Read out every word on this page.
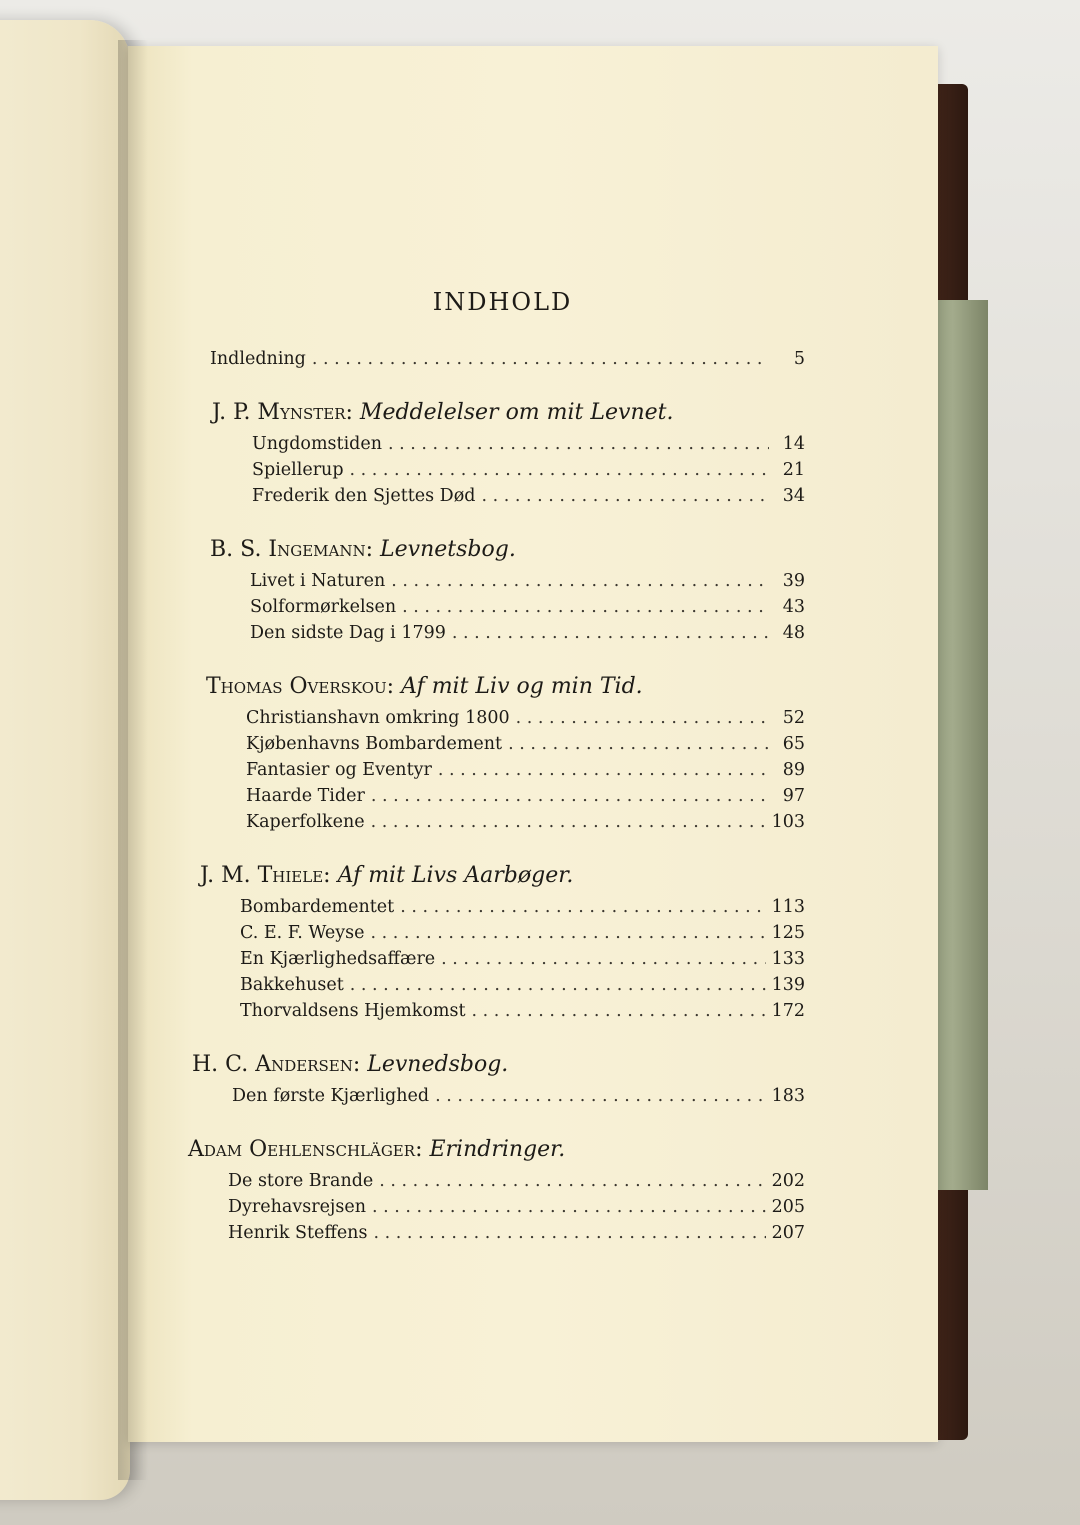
INDHOLD
Indledning . . .	5
J. P. Mynster: Meddelelser om mit Levnet.
Ungdomstiden . . .	14
Spiellerup . . .	21
Frederik den Sjettes Død . . .	34
B. S. Ingemann: Levnetsbog.
Livet i Naturen . . .	39
Solformørkelsen . . .	43
Den sidste Dag i 1799 . . .	48
Thomas Overskou: Af mit Liv og min Tid.
Christianshavn omkring 1800 . . .	52
Kjøbenhavns Bombardement . . .	65
Fantasier og Eventyr . . .	89
Haarde Tider . . .	97
Kaperfolkene . . .	103
J. M. Thiele: Af mit Livs Aarbøger.
Bombardementet . . .	113
C. E. F. Weyse . . .	125
En Kjærlighedsaffære . . .	133
Bakkehuset . . .	139
Thorvaldsens Hjemkomst . . .	172
H. C. Andersen: Levnedsbog.
Den første Kjærlighed . . .	183
Adam Oehlenschläger: Erindringer.
De store Brande . . .	202
Dyrehavsrejsen . . .	205
Henrik Steffens . . .	207
